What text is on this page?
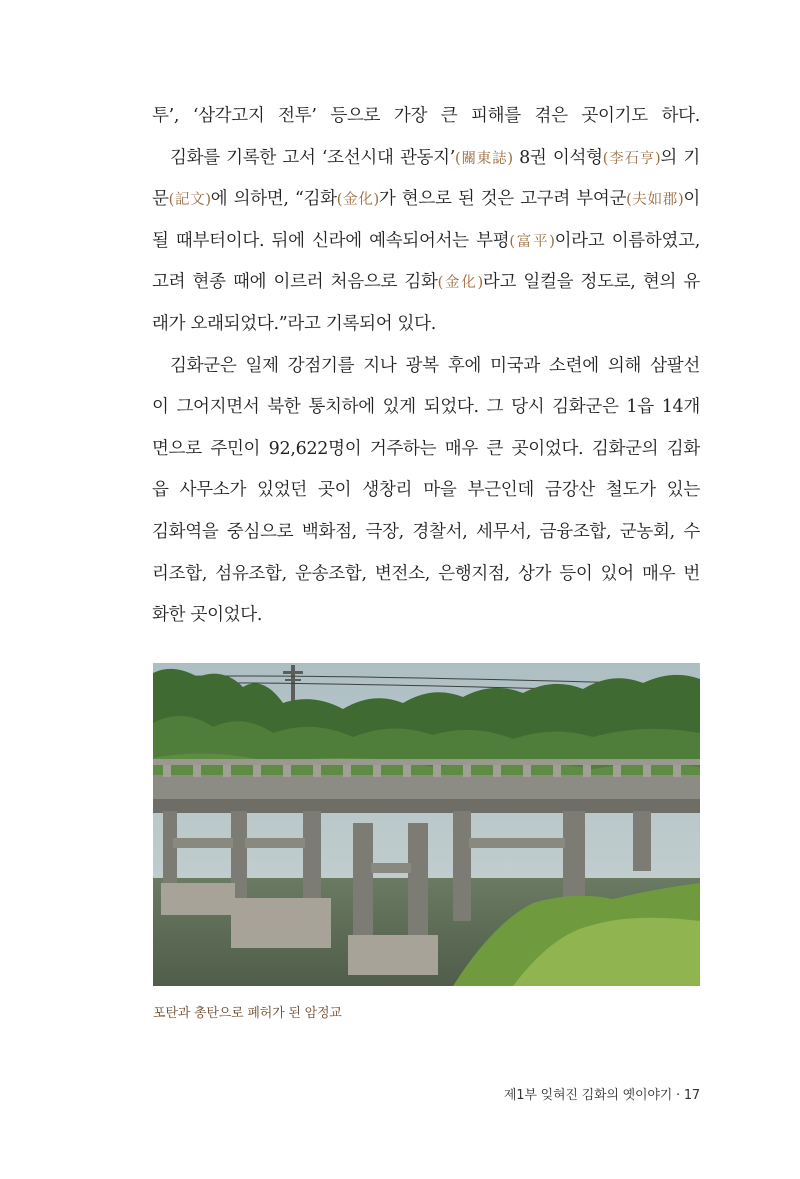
투’, ‘삼각고지 전투’ 등으로 가장 큰 피해를 겪은 곳이기도 하다.
김화를 기록한 고서 ‘조선시대 관동지’(關東誌) 8권 이석형(李石亨)의 기
문(記文)에 의하면, “김화(金化)가 현으로 된 것은 고구려 부여군(夫如郡)이
될 때부터이다. 뒤에 신라에 예속되어서는 부평(富平)이라고 이름하였고,
고려 현종 때에 이르러 처음으로 김화(金化)라고 일컬을 정도로, 현의 유
래가 오래되었다.”라고 기록되어 있다.
김화군은 일제 강점기를 지나 광복 후에 미국과 소련에 의해 삼팔선
이 그어지면서 북한 통치하에 있게 되었다. 그 당시 김화군은 1읍 14개
면으로 주민이 92,622명이 거주하는 매우 큰 곳이었다. 김화군의 김화
읍 사무소가 있었던 곳이 생창리 마을 부근인데 금강산 철도가 있는
김화역을 중심으로 백화점, 극장, 경찰서, 세무서, 금융조합, 군농회, 수
리조합, 섬유조합, 운송조합, 변전소, 은행지점, 상가 등이 있어 매우 번
화한 곳이었다.
포탄과 총탄으로 폐허가 된 암정교
제1부 잊혀진 김화의 옛이야기 · 17
